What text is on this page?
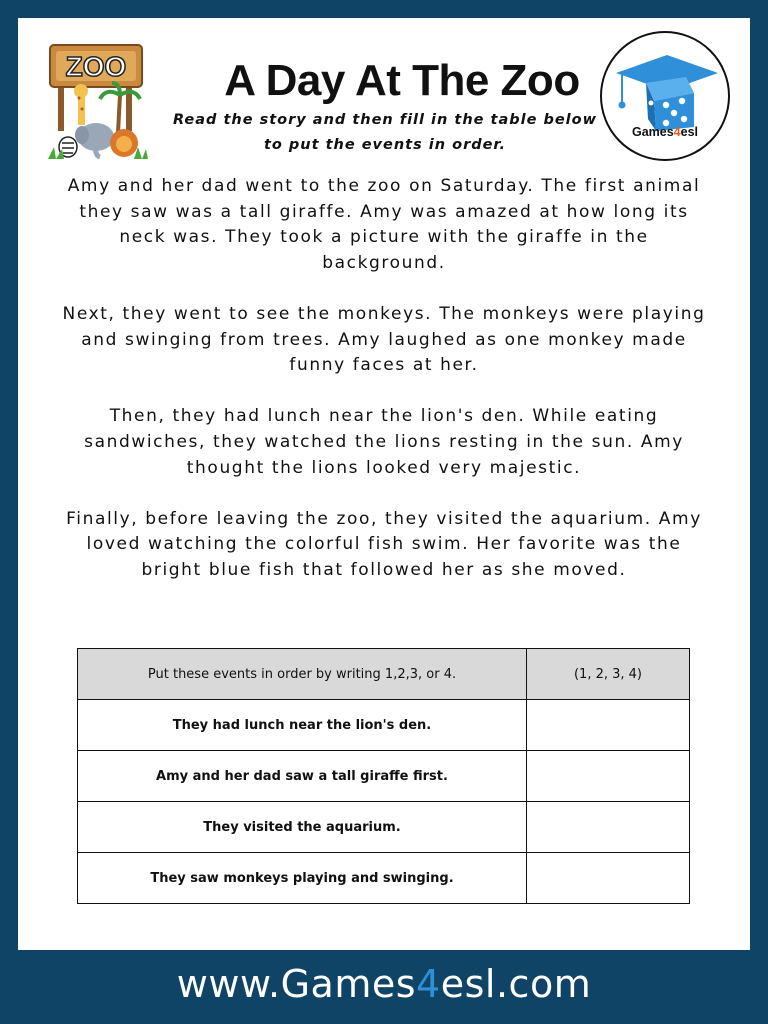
ZOO	A Day At The Zoo
Read the story and then fill in the table below to put the events in order.
Games4esl

Amy and her dad went to the zoo on Saturday. The first animal they saw was a tall giraffe. Amy was amazed at how long its neck was. They took a picture with the giraffe in the background.

Next, they went to see the monkeys. The monkeys were playing and swinging from trees. Amy laughed as one monkey made funny faces at her.

Then, they had lunch near the lion's den. While eating sandwiches, they watched the lions resting in the sun. Amy thought the lions looked very majestic.

Finally, before leaving the zoo, they visited the aquarium. Amy loved watching the colorful fish swim. Her favorite was the bright blue fish that followed her as she moved.

Put these events in order by writing 1,2,3, or 4.	(1, 2, 3, 4)
They had lunch near the lion's den.	
Amy and her dad saw a tall giraffe first.	
They visited the aquarium.	
They saw monkeys playing and swinging.	
www.Games4esl.com
